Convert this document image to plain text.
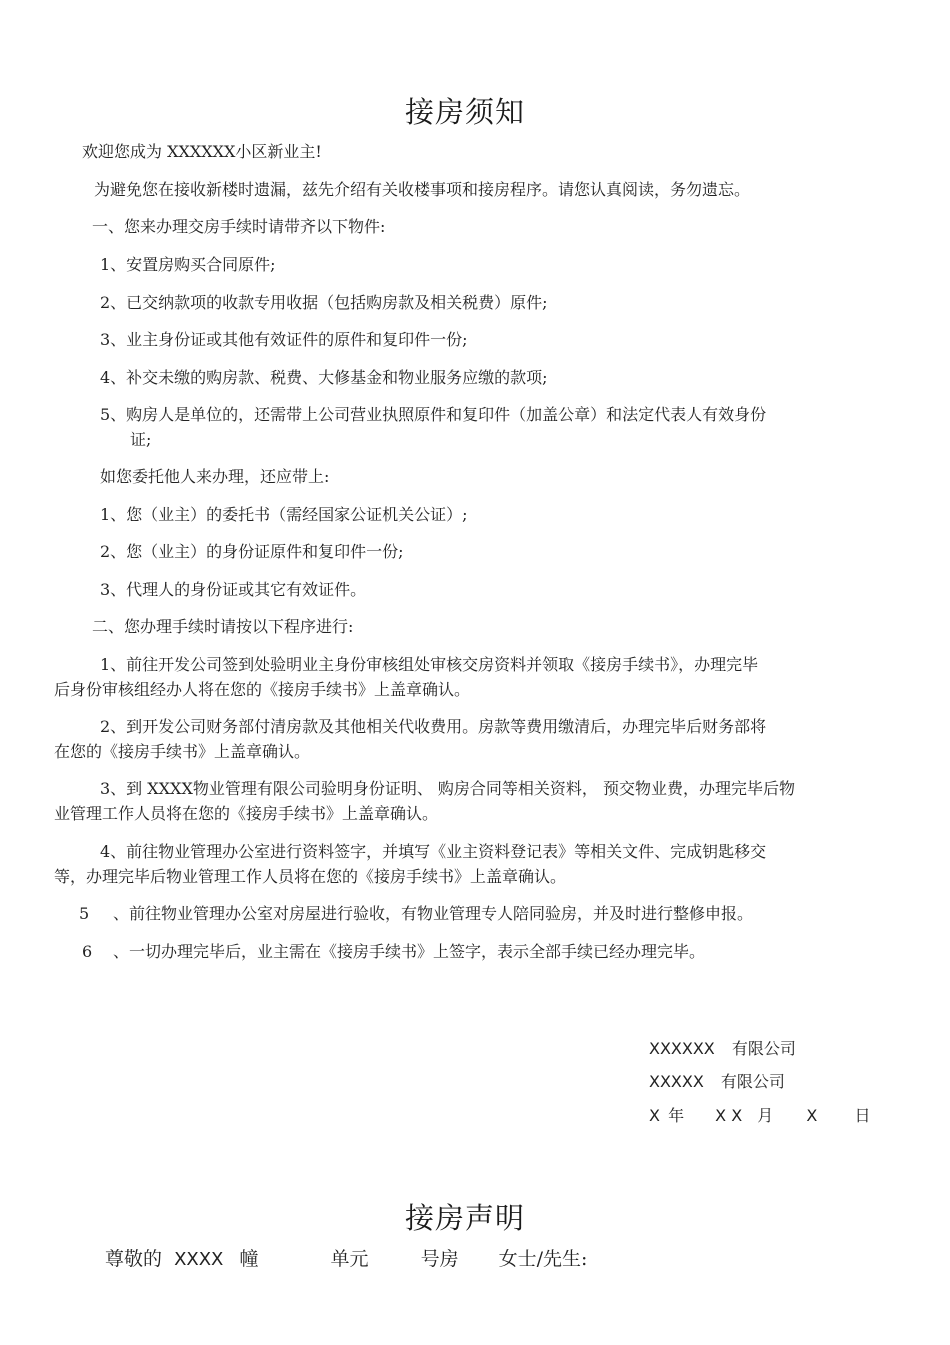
接房须知
欢迎您成为 XXXXXX小区新业主!
为避免您在接收新楼时遗漏，兹先介绍有关收楼事项和接房程序。请您认真阅读，务勿遗忘。
一、您来办理交房手续时请带齐以下物件:
1、安置房购买合同原件;
2、已交纳款项的收款专用收据（包括购房款及相关税费）原件;
3、业主身份证或其他有效证件的原件和复印件一份;
4、补交未缴的购房款、税费、大修基金和物业服务应缴的款项;
5、购房人是单位的，还需带上公司营业执照原件和复印件（加盖公章）和法定代表人有效身份
证;
如您委托他人来办理，还应带上:
1、您（业主）的委托书（需经国家公证机关公证）;
2、您（业主）的身份证原件和复印件一份;
3、代理人的身份证或其它有效证件。
二、您办理手续时请按以下程序进行:
1、前往开发公司签到处验明业主身份审核组处审核交房资料并领取《接房手续书》，办理完毕
后身份审核组经办人将在您的《接房手续书》上盖章确认。
2、到开发公司财务部付清房款及其他相关代收费用。房款等费用缴清后，办理完毕后财务部将
在您的《接房手续书》上盖章确认。
3、到 XXXX物业管理有限公司验明身份证明、 购房合同等相关资料， 预交物业费，办理完毕后物
业管理工作人员将在您的《接房手续书》上盖章确认。
4、前往物业管理办公室进行资料签字，并填写《业主资料登记表》等相关文件、完成钥匙移交
等，办理完毕后物业管理工作人员将在您的《接房手续书》上盖章确认。
5 、前往物业管理办公室对房屋进行验收，有物业管理专人陪同验房，并及时进行整修申报。
6 、一切办理完毕后，业主需在《接房手续书》上签字，表示全部手续已经办理完毕。
XXXXXX 有限公司
XXXXX 有限公司
X 年 X X 月 X 日
接房声明
尊敬的 XXXX 幢	单元	号房 女士/先生:
